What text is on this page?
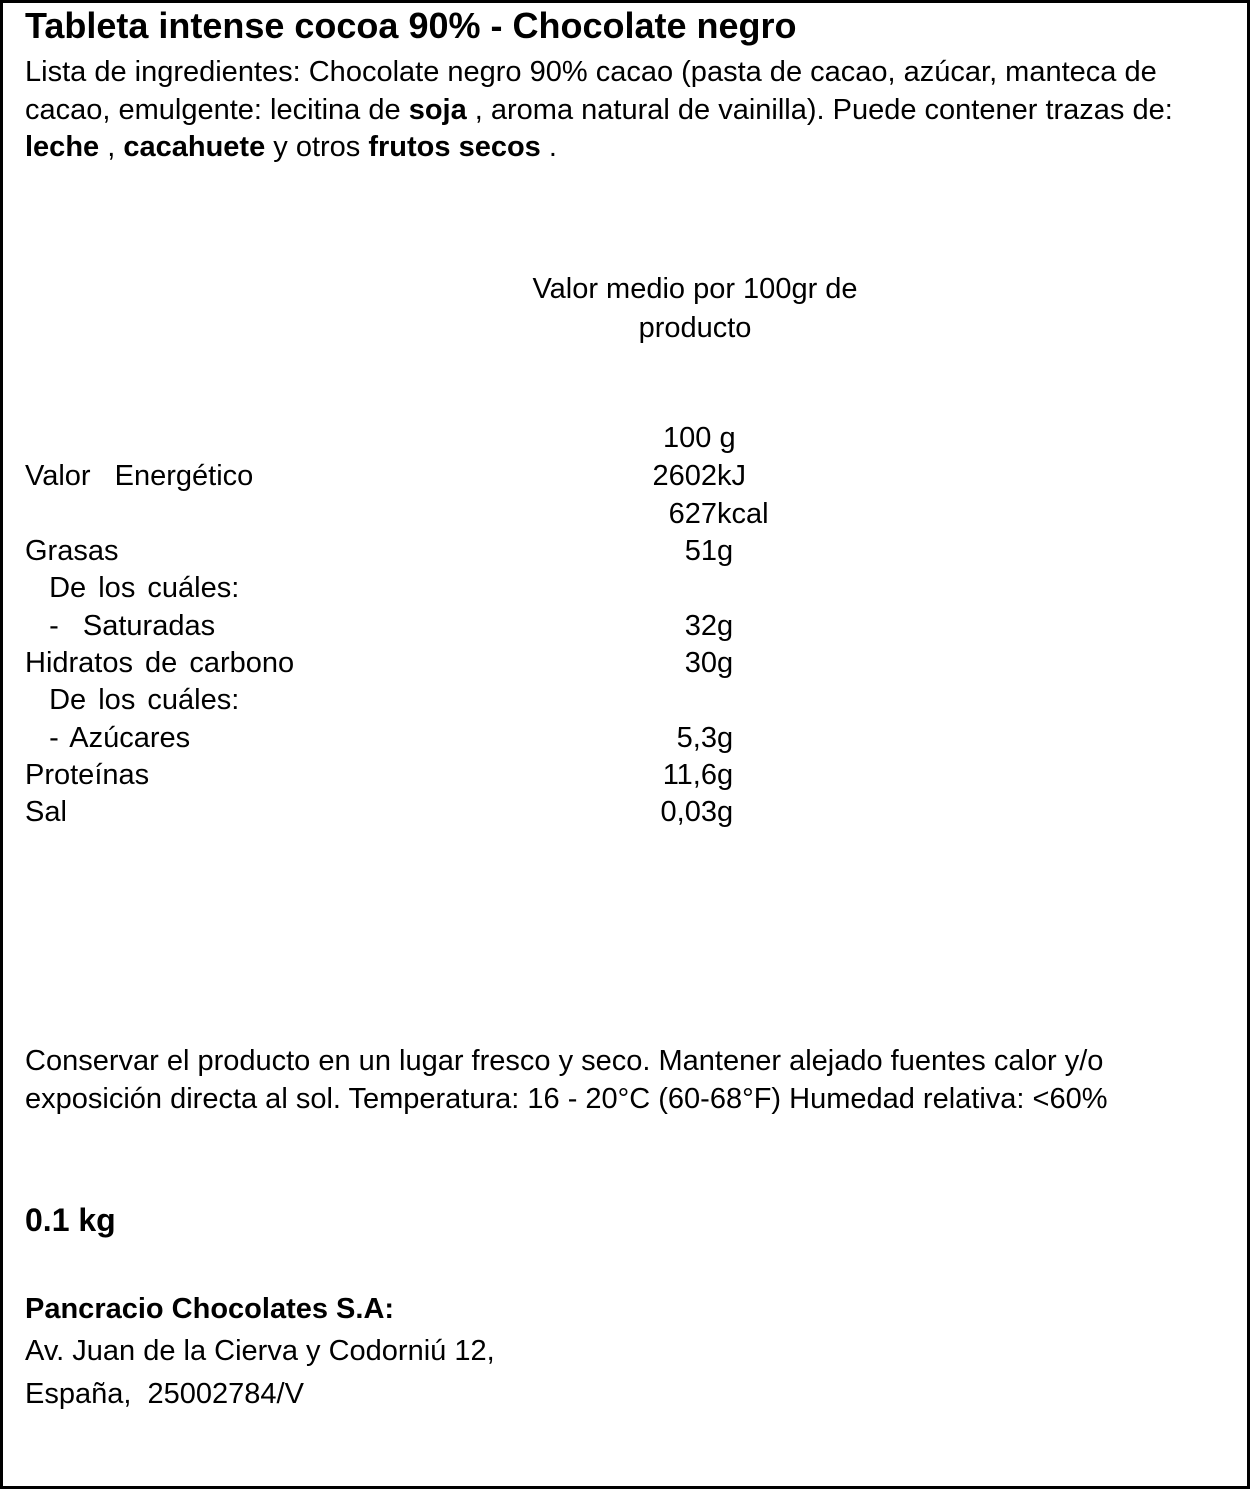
Tableta intense cocoa 90% - Chocolate negro
Lista de ingredientes: Chocolate negro 90% cacao (pasta de cacao, azúcar, manteca de cacao, emulgente: lecitina de soja , aroma natural de vainilla). Puede contener trazas de: leche , cacahuete y otros frutos secos .
Valor medio por 100gr de
producto
100 g
Valor  Energético	2602 kJ
627 kcal
Grasas	51 g
De los cuáles:
-  Saturadas	32 g
Hidratos de carbono	30 g
De los cuáles:
- Azúcares	5,3 g
Proteínas	11,6 g
Sal	0,03 g
Conservar el producto en un lugar fresco y seco. Mantener alejado fuentes calor y/o exposición directa al sol. Temperatura: 16 - 20°C (60-68°F) Humedad relativa: <60%
0.1 kg
Pancracio Chocolates S.A:
Av. Juan de la Cierva y Codorniú 12,
España,  25002784/V
